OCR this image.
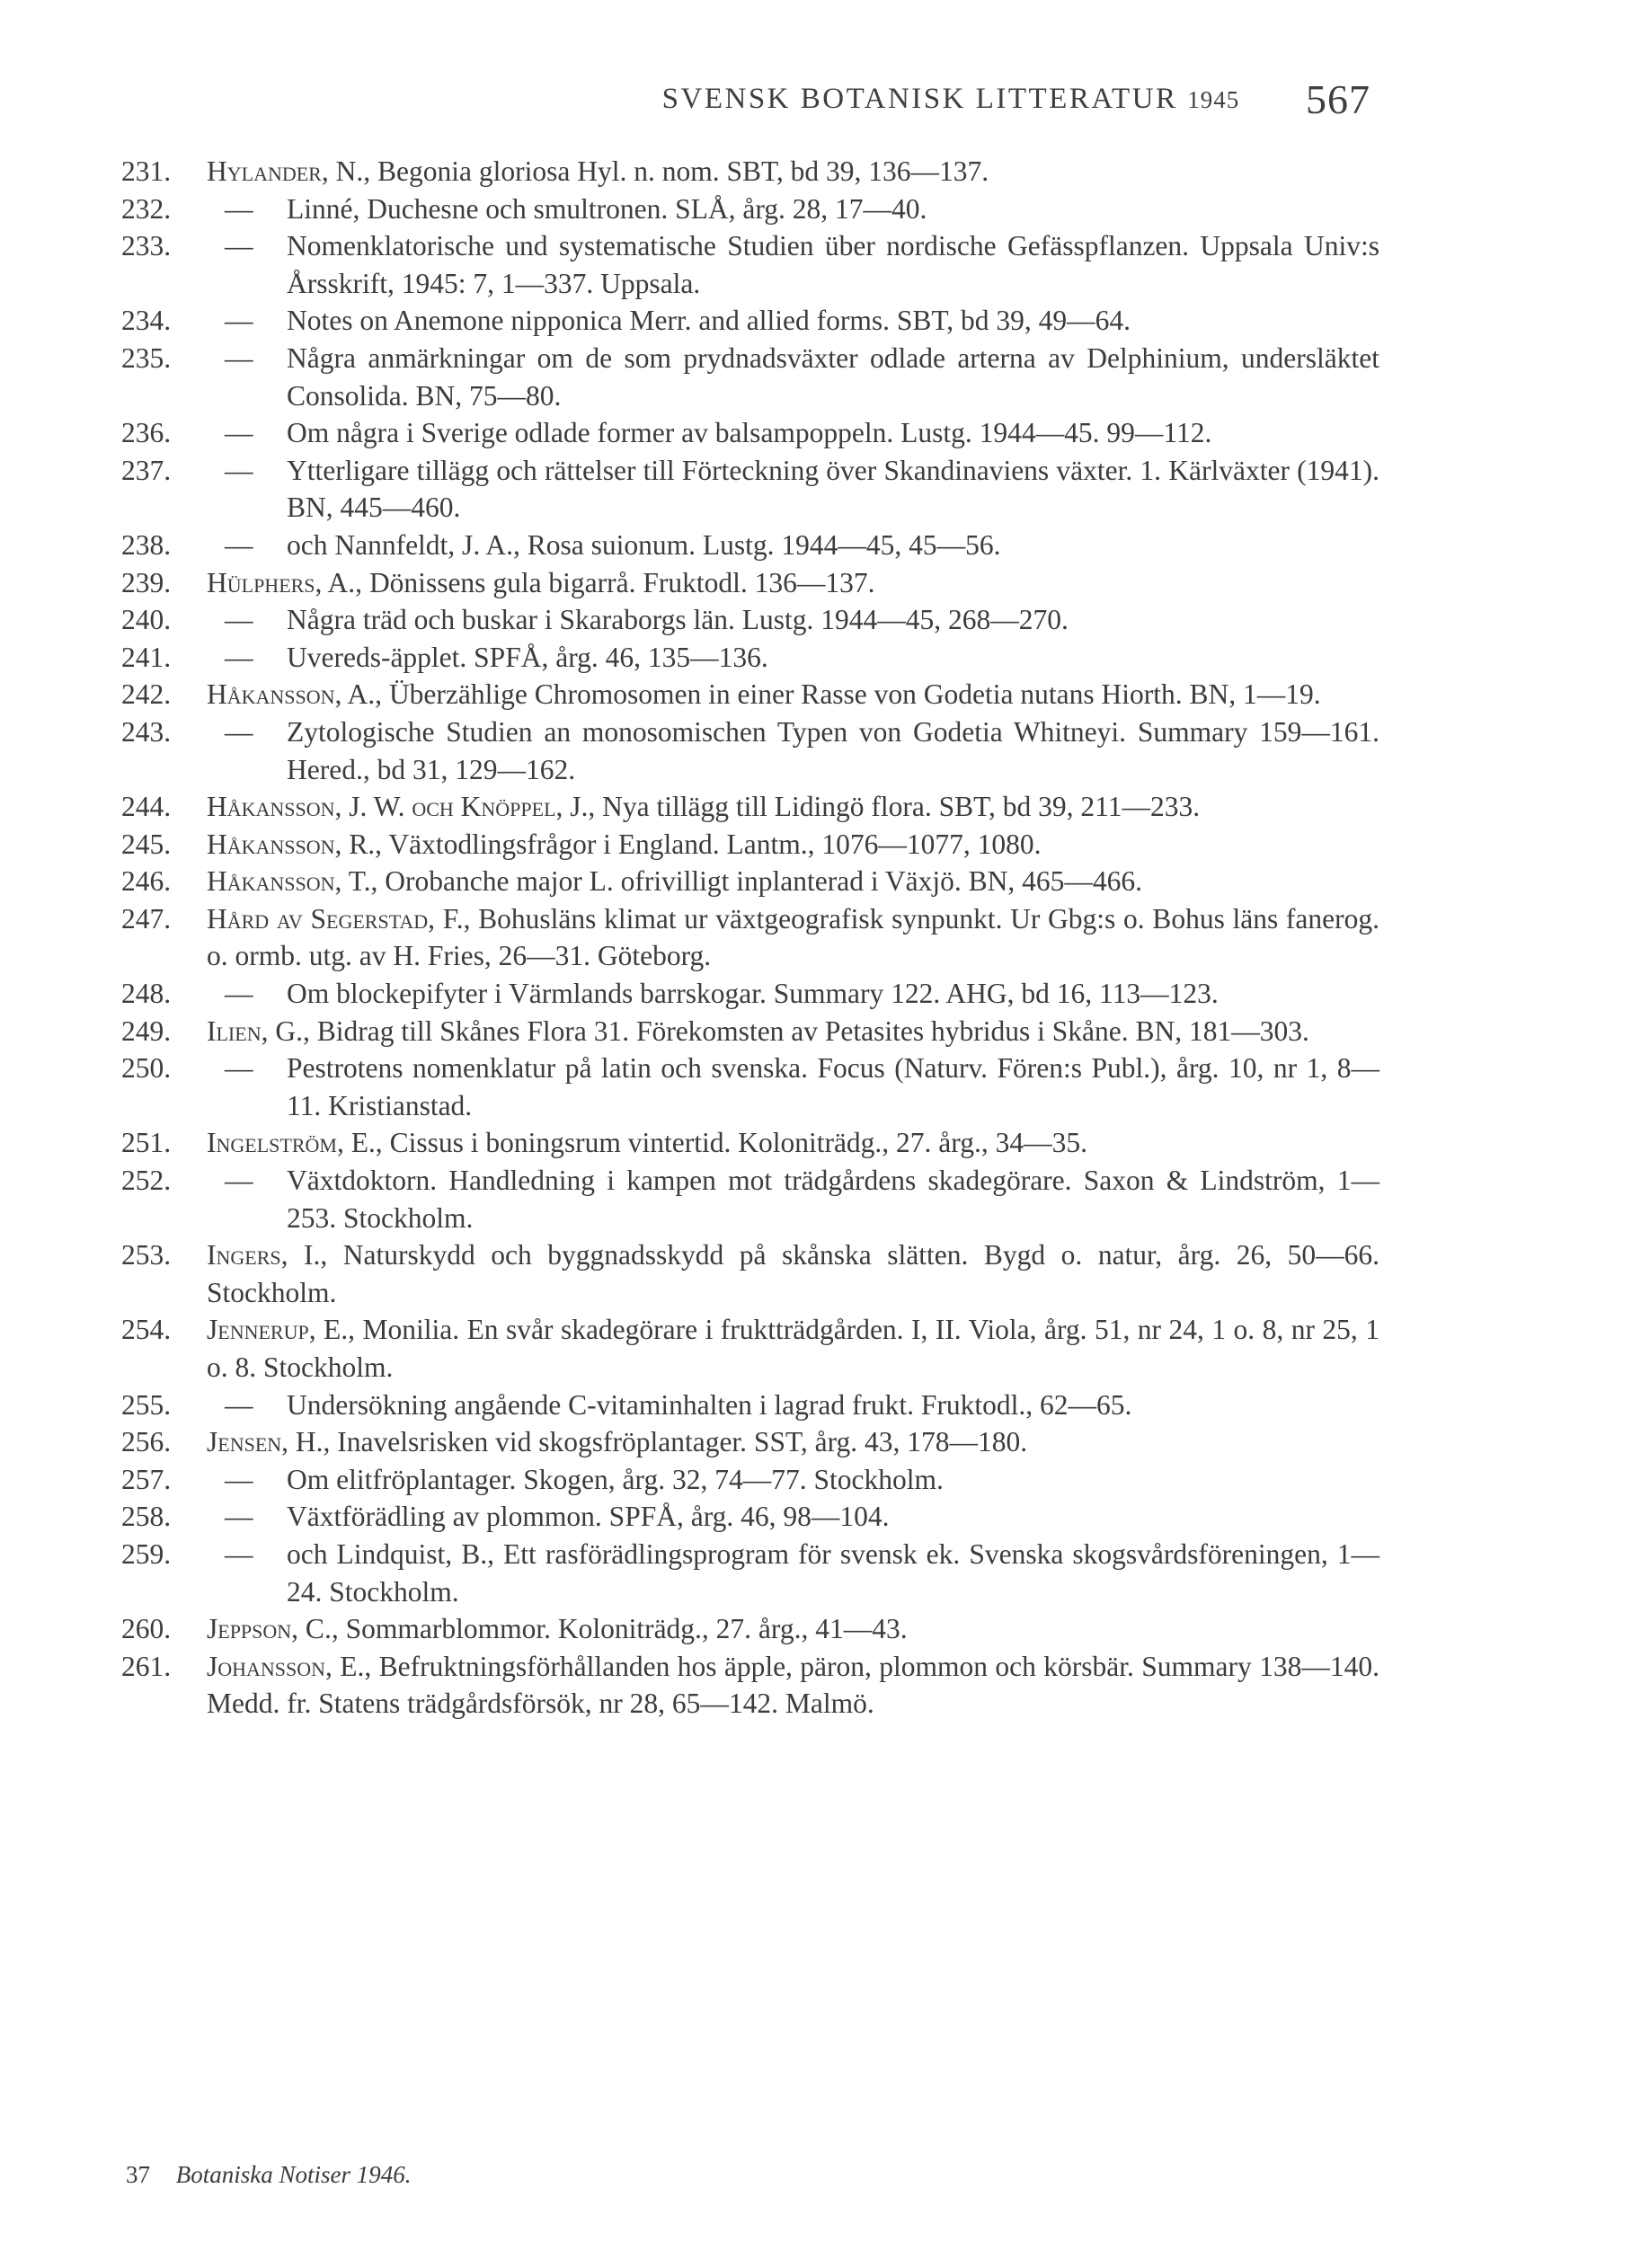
SVENSK BOTANISK LITTERATUR 1945	567
231.	Hylander, N., Begonia gloriosa Hyl. n. nom. SBT, bd 39, 136—137.
232.	—	Linné, Duchesne och smultronen. SLÅ, årg. 28, 17—40.
233.	—	Nomenklatorische und systematische Studien über nordische Gefässpflanzen. Uppsala Univ:s Årsskrift, 1945: 7, 1—337. Uppsala.
234.	—	Notes on Anemone nipponica Merr. and allied forms. SBT, bd 39, 49—64.
235.	—	Några anmärkningar om de som prydnadsväxter odlade arterna av Delphinium, undersläktet Consolida. BN, 75—80.
236.	—	Om några i Sverige odlade former av balsampoppeln. Lustg. 1944—45. 99—112.
237.	—	Ytterligare tillägg och rättelser till Förteckning över Skandinaviens växter. 1. Kärlväxter (1941). BN, 445—460.
238.	—	och Nannfeldt, J. A., Rosa suionum. Lustg. 1944—45, 45—56.
239.	Hülphers, A., Dönissens gula bigarrå. Fruktodl. 136—137.
240.	—	Några träd och buskar i Skaraborgs län. Lustg. 1944—45, 268—270.
241.	—	Uvereds-äpplet. SPFÅ, årg. 46, 135—136.
242.	Håkansson, A., Überzählige Chromosomen in einer Rasse von Godetia nutans Hiorth. BN, 1—19.
243.	—	Zytologische Studien an monosomischen Typen von Godetia Whitneyi. Summary 159—161. Hered., bd 31, 129—162.
244.	Håkansson, J. W. och Knöppel, J., Nya tillägg till Lidingö flora. SBT, bd 39, 211—233.
245.	Håkansson, R., Växtodlingsfrågor i England. Lantm., 1076—1077, 1080.
246.	Håkansson, T., Orobanche major L. ofrivilligt inplanterad i Växjö. BN, 465—466.
247.	Hård av Segerstad, F., Bohusläns klimat ur växtgeografisk synpunkt. Ur Gbg:s o. Bohus läns fanerog. o. ormb. utg. av H. Fries, 26—31. Göteborg.
248.	—	Om blockepifyter i Värmlands barrskogar. Summary 122. AHG, bd 16, 113—123.
249.	Ilien, G., Bidrag till Skånes Flora 31. Förekomsten av Petasites hybridus i Skåne. BN, 181—303.
250.	—	Pestrotens nomenklatur på latin och svenska. Focus (Naturv. Fören:s Publ.), årg. 10, nr 1, 8—11. Kristianstad.
251.	Ingelström, E., Cissus i boningsrum vintertid. Koloniträdg., 27. årg., 34—35.
252.	—	Växtdoktorn. Handledning i kampen mot trädgårdens skadegörare. Saxon & Lindström, 1—253. Stockholm.
253.	Ingers, I., Naturskydd och byggnadsskydd på skånska slätten. Bygd o. natur, årg. 26, 50—66. Stockholm.
254.	Jennerup, E., Monilia. En svår skadegörare i fruktträdgården. I, II. Viola, årg. 51, nr 24, 1 o. 8, nr 25, 1 o. 8. Stockholm.
255.	—	Undersökning angående C-vitaminhalten i lagrad frukt. Fruktodl., 62—65.
256.	Jensen, H., Inavelsrisken vid skogsfröplantager. SST, årg. 43, 178—180.
257.	—	Om elitfröplantager. Skogen, årg. 32, 74—77. Stockholm.
258.	—	Växtförädling av plommon. SPFÅ, årg. 46, 98—104.
259.	—	och Lindquist, B., Ett rasförädlingsprogram för svensk ek. Svenska skogsvårdsföreningen, 1—24. Stockholm.
260.	Jeppson, C., Sommarblommor. Koloniträdg., 27. årg., 41—43.
261.	Johansson, E., Befruktningsförhållanden hos äpple, päron, plommon och körsbär. Summary 138—140. Medd. fr. Statens trädgårdsförsök, nr 28, 65—142. Malmö.
37 Botaniska Notiser 1946.
